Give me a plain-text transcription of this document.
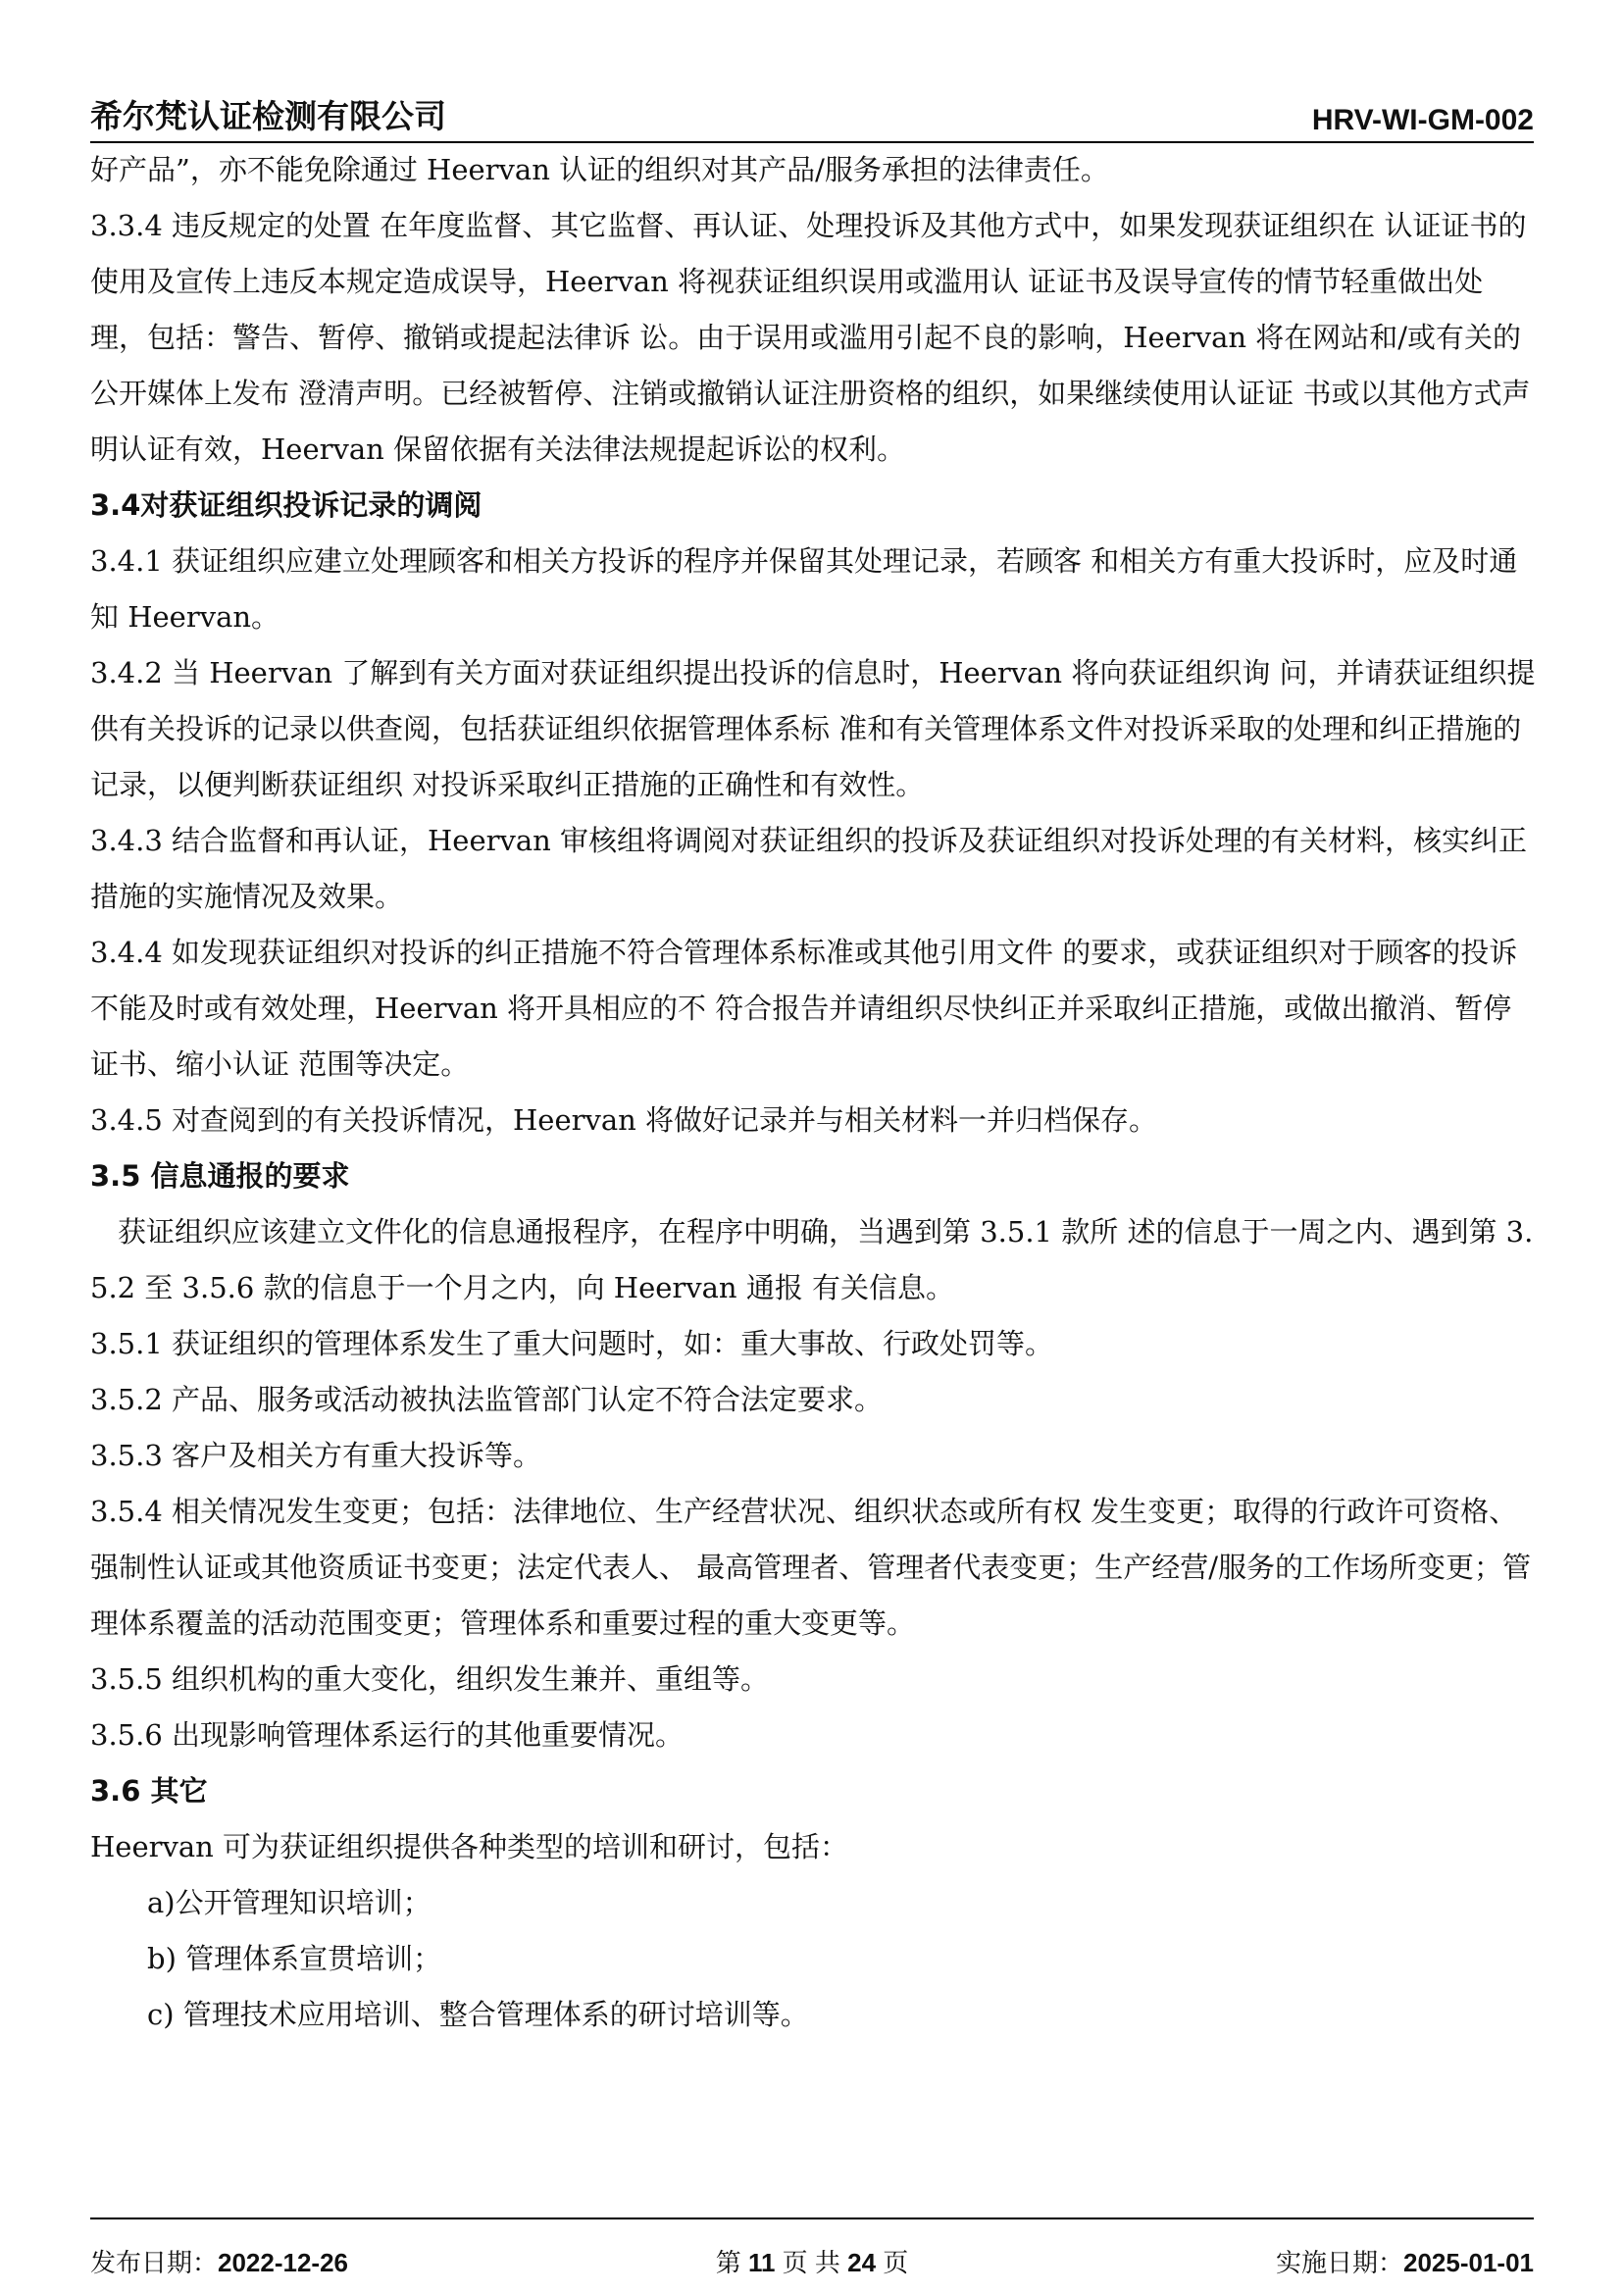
希尔梵认证检测有限公司	HRV-WI-GM-002

好产品”，亦不能免除通过 Heervan 认证的组织对其产品/服务承担的法律责任。

3.3.4 违反规定的处置 在年度监督、其它监督、再认证、处理投诉及其他方式中，如果发现获证组织在 认证证书的使用及宣传上违反本规定造成误导，Heervan 将视获证组织误用或滥用认 证证书及误导宣传的情节轻重做出处理，包括：警告、暂停、撤销或提起法律诉 讼。由于误用或滥用引起不良的影响，Heervan 将在网站和/或有关的公开媒体上发布 澄清声明。已经被暂停、注销或撤销认证注册资格的组织，如果继续使用认证证 书或以其他方式声明认证有效，Heervan 保留依据有关法律法规提起诉讼的权利。

3.4对获证组织投诉记录的调阅

3.4.1 获证组织应建立处理顾客和相关方投诉的程序并保留其处理记录，若顾客 和相关方有重大投诉时，应及时通知 Heervan。

3.4.2 当 Heervan 了解到有关方面对获证组织提出投诉的信息时，Heervan 将向获证组织询 问，并请获证组织提供有关投诉的记录以供查阅，包括获证组织依据管理体系标 准和有关管理体系文件对投诉采取的处理和纠正措施的记录，以便判断获证组织 对投诉采取纠正措施的正确性和有效性。

3.4.3 结合监督和再认证，Heervan 审核组将调阅对获证组织的投诉及获证组织对投诉处理的有关材料，核实纠正措施的实施情况及效果。

3.4.4 如发现获证组织对投诉的纠正措施不符合管理体系标准或其他引用文件 的要求，或获证组织对于顾客的投诉不能及时或有效处理，Heervan 将开具相应的不 符合报告并请组织尽快纠正并采取纠正措施，或做出撤消、暂停证书、缩小认证 范围等决定。

3.4.5 对查阅到的有关投诉情况，Heervan 将做好记录并与相关材料一并归档保存。

3.5 信息通报的要求

获证组织应该建立文件化的信息通报程序，在程序中明确，当遇到第 3.5.1 款所 述的信息于一周之内、遇到第 3.5.2 至 3.5.6 款的信息于一个月之内，向 Heervan 通报 有关信息。

3.5.1 获证组织的管理体系发生了重大问题时，如：重大事故、行政处罚等。

3.5.2 产品、服务或活动被执法监管部门认定不符合法定要求。

3.5.3 客户及相关方有重大投诉等。

3.5.4 相关情况发生变更；包括：法律地位、生产经营状况、组织状态或所有权 发生变更；取得的行政许可资格、强制性认证或其他资质证书变更；法定代表人、 最高管理者、管理者代表变更；生产经营/服务的工作场所变更；管理体系覆盖的活动范围变更；管理体系和重要过程的重大变更等。

3.5.5 组织机构的重大变化，组织发生兼并、重组等。

3.5.6 出现影响管理体系运行的其他重要情况。

3.6 其它

Heervan 可为获证组织提供各种类型的培训和研讨，包括：

a)公开管理知识培训；

b) 管理体系宣贯培训；

c) 管理技术应用培训、整合管理体系的研讨培训等。

发布日期：2022-12-26	第 11 页 共 24 页	实施日期：2025-01-01
